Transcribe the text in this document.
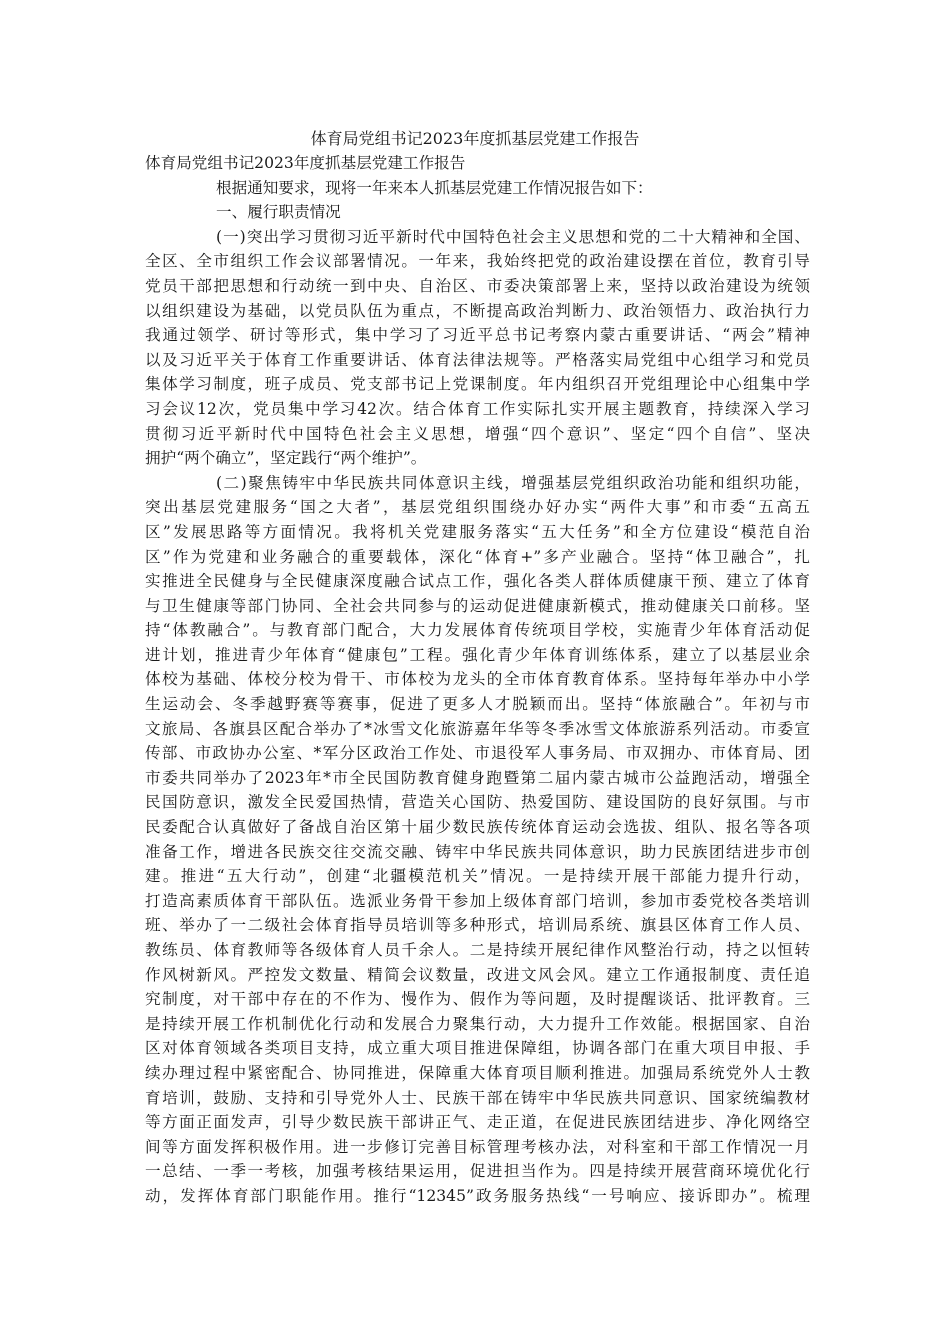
体育局党组书记2023年度抓基层党建工作报告
体育局党组书记2023年度抓基层党建工作报告
根据通知要求，现将一年来本人抓基层党建工作情况报告如下：
一、履行职责情况
(一)突出学习贯彻习近平新时代中国特色社会主义思想和党的二十大精神和全国、
全区、全市组织工作会议部署情况。一年来，我始终把党的政治建设摆在首位，教育引导
党员干部把思想和行动统一到中央、自治区、市委决策部署上来，坚持以政治建设为统领
以组织建设为基础，以党员队伍为重点，不断提高政治判断力、政治领悟力、政治执行力
我通过领学、研讨等形式，集中学习了习近平总书记考察内蒙古重要讲话、“两会”精神
以及习近平关于体育工作重要讲话、体育法律法规等。严格落实局党组中心组学习和党员
集体学习制度，班子成员、党支部书记上党课制度。年内组织召开党组理论中心组集中学
习会议12次，党员集中学习42次。结合体育工作实际扎实开展主题教育，持续深入学习
贯彻习近平新时代中国特色社会主义思想，增强“四个意识”、坚定“四个自信”、坚决
拥护“两个确立”，坚定践行“两个维护”。
(二)聚焦铸牢中华民族共同体意识主线，增强基层党组织政治功能和组织功能，
突出基层党建服务“国之大者”，基层党组织围绕办好办实“两件大事”和市委“五高五
区”发展思路等方面情况。我将机关党建服务落实“五大任务”和全方位建设“模范自治
区”作为党建和业务融合的重要载体，深化“体育+”多产业融合。坚持“体卫融合”，扎
实推进全民健身与全民健康深度融合试点工作，强化各类人群体质健康干预、建立了体育
与卫生健康等部门协同、全社会共同参与的运动促进健康新模式，推动健康关口前移。坚
持“体教融合”。与教育部门配合，大力发展体育传统项目学校，实施青少年体育活动促
进计划，推进青少年体育“健康包”工程。强化青少年体育训练体系，建立了以基层业余
体校为基础、体校分校为骨干、市体校为龙头的全市体育教育体系。坚持每年举办中小学
生运动会、冬季越野赛等赛事，促进了更多人才脱颖而出。坚持“体旅融合”。年初与市
文旅局、各旗县区配合举办了*冰雪文化旅游嘉年华等冬季冰雪文体旅游系列活动。市委宣
传部、市政协办公室、*军分区政治工作处、市退役军人事务局、市双拥办、市体育局、团
市委共同举办了2023年*市全民国防教育健身跑暨第二届内蒙古城市公益跑活动，增强全
民国防意识，激发全民爱国热情，营造关心国防、热爱国防、建设国防的良好氛围。与市
民委配合认真做好了备战自治区第十届少数民族传统体育运动会选拔、组队、报名等各项
准备工作，增进各民族交往交流交融、铸牢中华民族共同体意识，助力民族团结进步市创
建。推进“五大行动”，创建“北疆模范机关”情况。一是持续开展干部能力提升行动，
打造高素质体育干部队伍。选派业务骨干参加上级体育部门培训，参加市委党校各类培训
班、举办了一二级社会体育指导员培训等多种形式，培训局系统、旗县区体育工作人员、
教练员、体育教师等各级体育人员千余人。二是持续开展纪律作风整治行动，持之以恒转
作风树新风。严控发文数量、精简会议数量，改进文风会风。建立工作通报制度、责任追
究制度，对干部中存在的不作为、慢作为、假作为等问题，及时提醒谈话、批评教育。三
是持续开展工作机制优化行动和发展合力聚集行动，大力提升工作效能。根据国家、自治
区对体育领域各类项目支持，成立重大项目推进保障组，协调各部门在重大项目申报、手
续办理过程中紧密配合、协同推进，保障重大体育项目顺利推进。加强局系统党外人士教
育培训，鼓励、支持和引导党外人士、民族干部在铸牢中华民族共同意识、国家统编教材
等方面正面发声，引导少数民族干部讲正气、走正道，在促进民族团结进步、净化网络空
间等方面发挥积极作用。进一步修订完善目标管理考核办法，对科室和干部工作情况一月
一总结、一季一考核，加强考核结果运用，促进担当作为。四是持续开展营商环境优化行
动，发挥体育部门职能作用。推行“12345”政务服务热线“一号响应、接诉即办”。梳理
